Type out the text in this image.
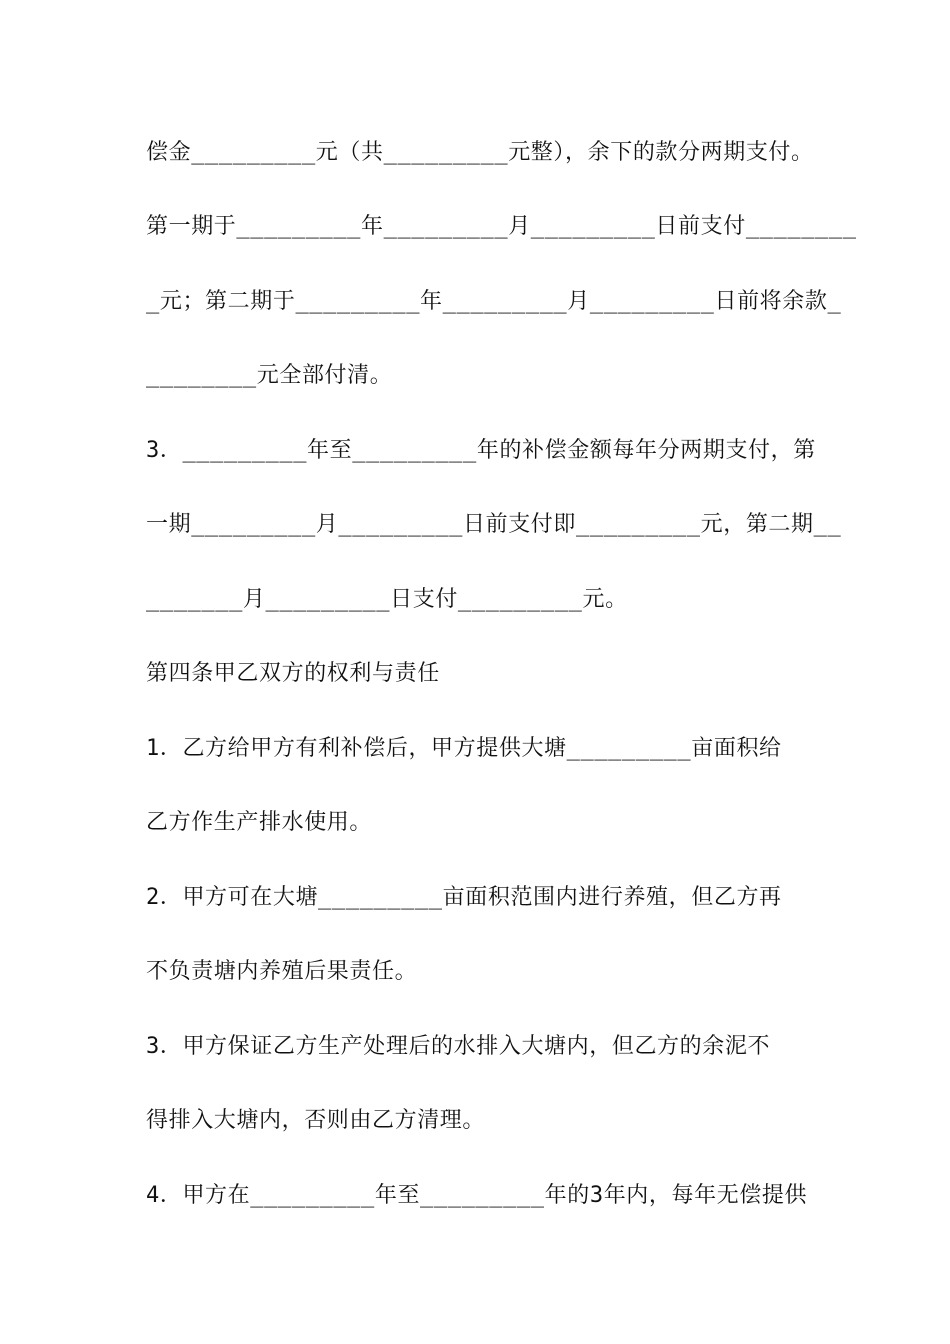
偿金_________元（共_________元整），余下的款分两期支付。
第一期于_________年_________月_________日前支付________
_元；第二期于_________年_________月_________日前将余款_
________元全部付清。
3．_________年至_________年的补偿金额每年分两期支付，第
一期_________月_________日前支付即_________元，第二期__
_______月_________日支付_________元。
第四条甲乙双方的权利与责任
1．乙方给甲方有利补偿后，甲方提供大塘_________亩面积给
乙方作生产排水使用。
2．甲方可在大塘_________亩面积范围内进行养殖，但乙方再
不负责塘内养殖后果责任。
3．甲方保证乙方生产处理后的水排入大塘内，但乙方的余泥不
得排入大塘内，否则由乙方清理。
4．甲方在_________年至_________年的3年内，每年无偿提供
